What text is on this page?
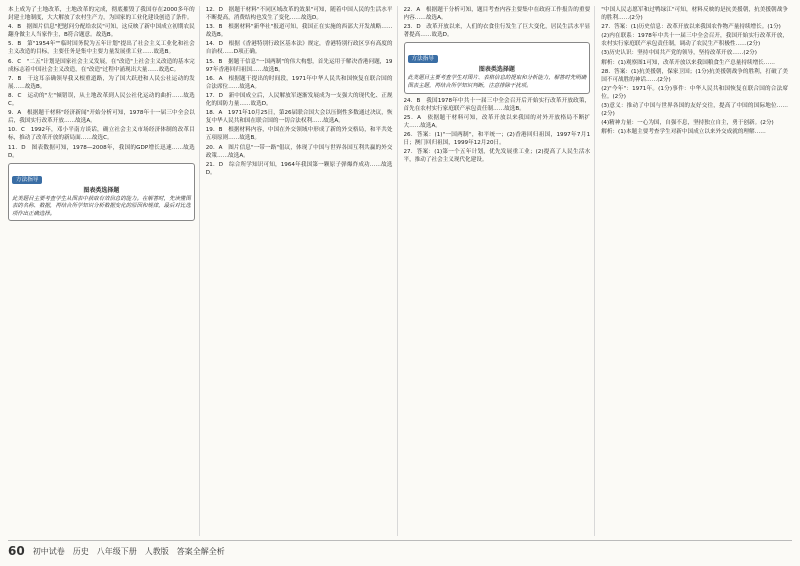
本上成为了土地改革，土地改革的完成，彻底摧毁了我国存在2000多年的封建土地制度，大大解放了农村生产力，为国家的工业化建设创造了条件。

4．B　据图片信息"把慰问分配给农民"可知，这反映了新中国成立初期农民翻身做主人当家作主，B符合题意。故选B。

5．B　第"1954年""临时国务院为五年计划"提出了社会主义工业化和社会主义改造的目标，主要任务是集中主要力量发展重工业……故选B。

6．C　"二五"计划是国家社会主义发展，在"改造"上社会主义改造的基本完成标志着中国社会主义改造，在"改造"过程中涌现出大量……故选C。

7．B　干这耳亲确领导我又根重道路，为了国大跃进和人民公社运动的发展……故选B。

8．C　运动的"左"倾错误，从土地改革到人民公社化运动的曲折……故选C。

9．A　根据题干材料"经济新闻"开始分析可知，1978年十一届三中全会以后，我国实行改革开放……故选A。

10．C　1992年，邓小平南方谈话，确立社会主义市场经济体制的改革目标，推动了改革开放的新局面……故选C。

11．D　图表数据可知，1978—2008年，我国的GDP增长迅速……故选D。

方法指导
图表类选择题
此类题目主要考查学生从图表中获取有效信息的能力。在解答时，先读懂图表的名称、数据，再结合所学知识分析数据变化的原因和规律，最后对比选项作出正确选择。

12．D　据题干材料"不同区域改革的效果"可知，随着中国人民的生活水平不断提高，消费结构也发生了变化……故选D。

13．B　根据材料"新华社"报道可知，我国正在实施的西部大开发战略……故选B。

14．D　根据《香港特别行政区基本法》规定，香港特别行政区享有高度的自治权……D项正确。

15．B　据题干信息"一国两制"的伟大构想，首先运用于解决香港问题，1997年香港回归祖国……故选B。

16．A　根据题干提出的时间段，1971年中华人民共和国恢复在联合国的合法席位……故选A。

17．D　新中国成立后，人民解放军逐渐发展成为一支强大的现代化、正规化的国防力量……故选D。

18．A　1971年10月25日，第26届联合国大会以压倒性多数通过决议，恢复中华人民共和国在联合国的一切合法权利……故选A。

19．B　根据材料内容，中国在外交领域中形成了新的外交格局，和平共处五项原则……故选B。

20．A　图片信息"一带一路"倡议，体现了中国与世界各国互利共赢的外交政策……故选A。

21．D　综合所学知识可知，1964年我国第一颗原子弹爆炸成功……故选D。

22．A　根据题干分析可知，题目考查内容主要集中在政府工作报告的重要内容……故选A。

23．D　改革开放以来，人们的衣食住行发生了巨大变化，居民生活水平显著提高……故选D。

方法指导
图表类选择题
此类题目主要考查学生对图片、表格信息的提取和分析能力，解答时先明确图表主题，再结合所学知识判断，注意排除干扰项。

24．B　我国1978年中共十一届三中全会召开后开始实行改革开放政策，首先在农村实行家庭联产承包责任制……故选B。

25．A　依据题干材料可知，改革开放以来我国的对外开放格局不断扩大……故选A。

26．答案：(1)"一国两制"，和平统一；(2)香港回归祖国，1997年7月1日；澳门回归祖国，1999年12月20日。

27．答案：(1)第一个五年计划，优先发展重工业；(2)提高了人民生活水平，推动了社会主义现代化建设。

"中国人民志愿军和过鸭绿江"可知，材料反映的是抗美援朝，抗美援朝战争的胜利……(2分)

27．答案：(1)历史信息：改革开放以来我国农作物产量持续增长。(1分)

(2)内在联系：1978年中共十一届三中全会召开，我国开始实行改革开放，农村实行家庭联产承包责任制，调动了农民生产积极性……(2分)

(3)历史认识：坚持中国共产党的领导，坚持改革开放……(2分)

解析：(1)观察图1可知，改革开放以来我国粮食生产总量持续增长……

28．答案：(1)抗美援朝，保家卫国；(1分)抗美援朝战争的胜利，打破了美国不可战胜的神话……(2分)

(2)"今年"：1971年。(1分)事件：中华人民共和国恢复在联合国的合法席位。(2分)

(3)意义：推动了中国与世界各国的友好交往，提高了中国的国际地位……(2分)

(4)精神力量：一心为国，自强不息，坚持独立自主，勇于创新。(2分)

解析：(1)本题主要考查学生对新中国成立以来外交成就的理解……

60 初中试卷 历史 八年级下册 人教版 答案全解全析
